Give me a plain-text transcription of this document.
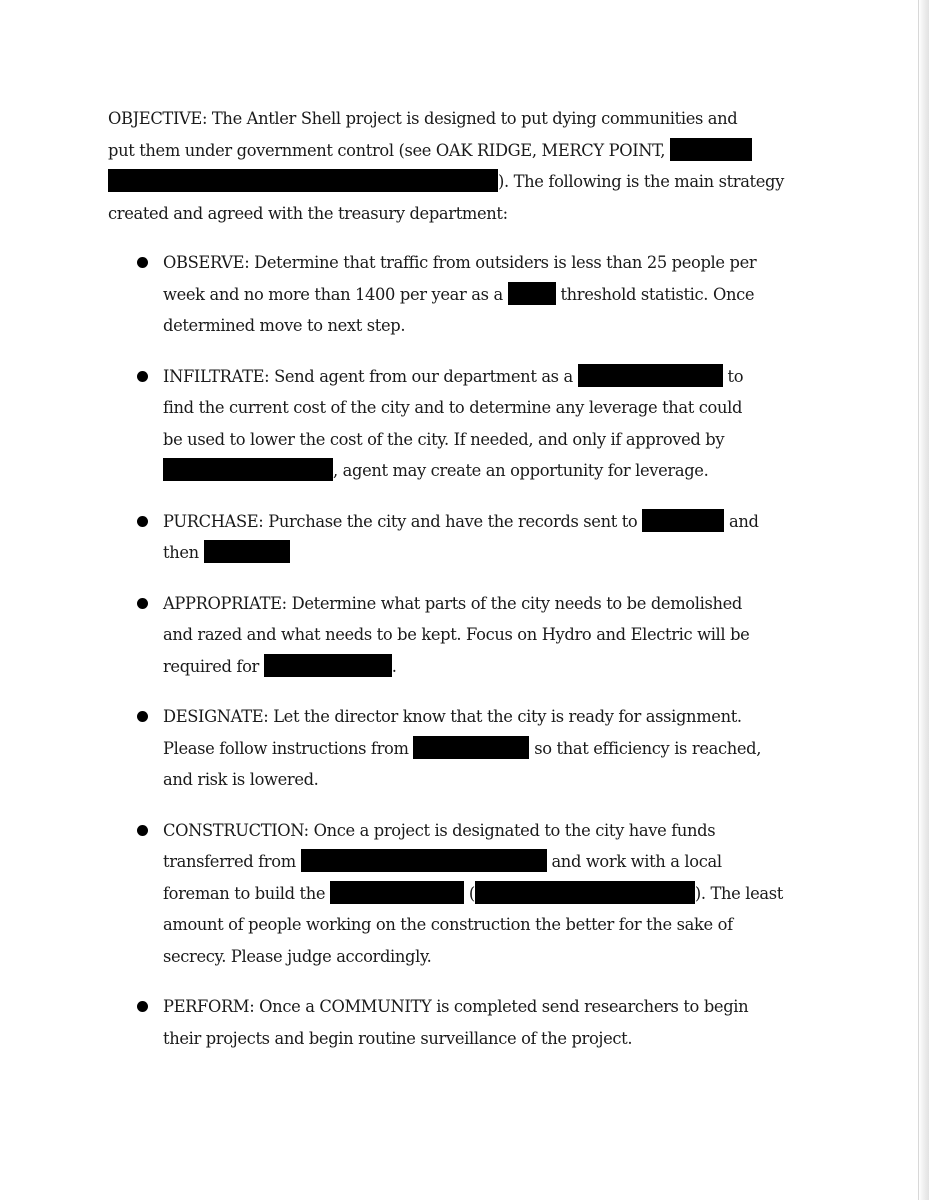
OBJECTIVE: The Antler Shell project is designed to put dying communities and
put them under government control (see OAK RIDGE, MERCY POINT,
). The following is the main strategy
created and agreed with the treasury department:

OBSERVE: Determine that traffic from outsiders is less than 25 people per
week and no more than 1400 per year as a	threshold statistic. Once
determined move to next step.
INFILTRATE: Send agent from our department as a	to
find the current cost of the city and to determine any leverage that could
be used to lower the cost of the city. If needed, and only if approved by
, agent may create an opportunity for leverage.
PURCHASE: Purchase the city and have the records sent to	and
then
APPROPRIATE: Determine what parts of the city needs to be demolished
and razed and what needs to be kept. Focus on Hydro and Electric will be
required for	.
DESIGNATE: Let the director know that the city is ready for assignment.
Please follow instructions from	so that efficiency is reached,
and risk is lowered.
CONSTRUCTION: Once a project is designated to the city have funds
transferred from	and work with a local
foreman to build the	(	). The least
amount of people working on the construction the better for the sake of
secrecy. Please judge accordingly.
PERFORM: Once a COMMUNITY is completed send researchers to begin
their projects and begin routine surveillance of the project.
